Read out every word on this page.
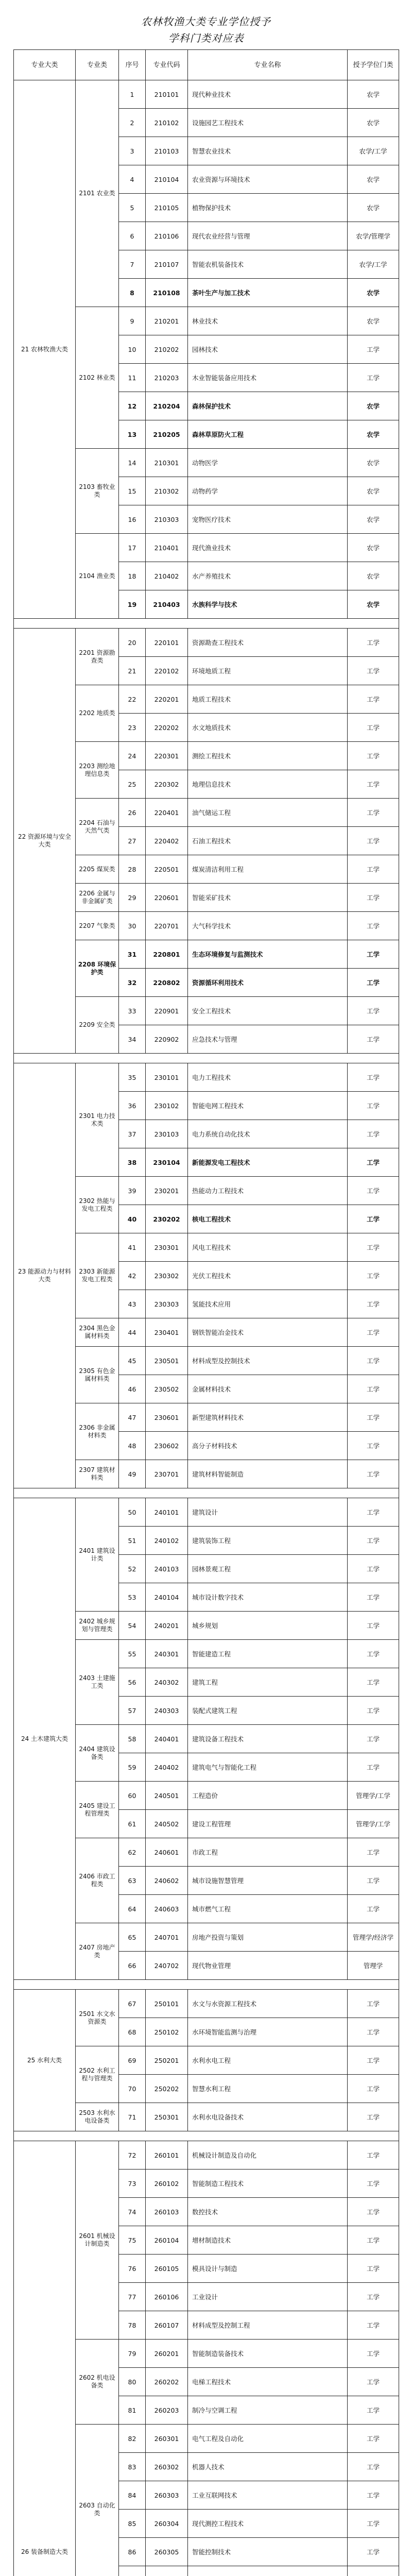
农林牧渔大类专业学位授予
学科门类对应表
专业大类	专业类	序号	专业代码	专业名称	授予学位门类
21 农林牧渔大类	2101 农业类	1	210101	现代种业技术	农学
		2	210102	设施园艺工程技术	农学
		3	210103	智慧农业技术	农学/工学
		4	210104	农业资源与环境技术	农学
		5	210105	植物保护技术	农学
		6	210106	现代农业经营与管理	农学/管理学
		7	210107	智能农机装备技术	农学/工学
		8	210108	茶叶生产与加工技术	农学
	2102 林业类	9	210201	林业技术	农学
		10	210202	园林技术	工学
		11	210203	木业智能装备应用技术	工学
		12	210204	森林保护技术	农学
		13	210205	森林草原防火工程	农学
	2103 畜牧业类	14	210301	动物医学	农学
		15	210302	动物药学	农学
		16	210303	宠物医疗技术	农学
	2104 渔业类	17	210401	现代渔业技术	农学
		18	210402	水产养殖技术	农学
		19	210403	水族科学与技术	农学

22 资源环境与安全大类	2201 资源勘查类	20	220101	资源勘查工程技术	工学
		21	220102	环境地质工程	工学
	2202 地质类	22	220201	地质工程技术	工学
		23	220202	水文地质技术	工学
	2203 测绘地理信息类	24	220301	测绘工程技术	工学
		25	220302	地理信息技术	工学
	2204 石油与天然气类	26	220401	油气储运工程	工学
		27	220402	石油工程技术	工学
	2205 煤炭类	28	220501	煤炭清洁利用工程	工学
	2206 金属与非金属矿类	29	220601	智能采矿技术	工学
	2207 气象类	30	220701	大气科学技术	工学
	2208 环境保护类	31	220801	生态环境修复与监测技术	工学
		32	220802	资源循环利用技术	工学
	2209 安全类	33	220901	安全工程技术	工学
		34	220902	应急技术与管理	工学

23 能源动力与材料大类	2301 电力技术类	35	230101	电力工程技术	工学
		36	230102	智能电网工程技术	工学
		37	230103	电力系统自动化技术	工学
		38	230104	新能源发电工程技术	工学
	2302 热能与发电工程类	39	230201	热能动力工程技术	工学
		40	230202	核电工程技术	工学
	2303 新能源发电工程类	41	230301	风电工程技术	工学
		42	230302	光伏工程技术	工学
		43	230303	氢能技术应用	工学
	2304 黑色金属材料类	44	230401	钢铁智能冶金技术	工学
	2305 有色金属材料类	45	230501	材料成型及控制技术	工学
		46	230502	金属材料技术	工学
	2306 非金属材料类	47	230601	新型建筑材料技术	工学
		48	230602	高分子材料技术	工学
	2307 建筑材料类	49	230701	建筑材料智能制造	工学

24 土木建筑大类	2401 建筑设计类	50	240101	建筑设计	工学
		51	240102	建筑装饰工程	工学
		52	240103	园林景观工程	工学
		53	240104	城市设计数字技术	工学
	2402 城乡规划与管理类	54	240201	城乡规划	工学
	2403 土建施工类	55	240301	智能建造工程	工学
		56	240302	建筑工程	工学
		57	240303	装配式建筑工程	工学
	2404 建筑设备类	58	240401	建筑设备工程技术	工学
		59	240402	建筑电气与智能化工程	工学
	2405 建设工程管理类	60	240501	工程造价	管理学/工学
		61	240502	建设工程管理	管理学/工学
	2406 市政工程类	62	240601	市政工程	工学
		63	240602	城市设施智慧管理	工学
		64	240603	城市燃气工程	工学
	2407 房地产类	65	240701	房地产投资与策划	管理学/经济学
		66	240702	现代物业管理	管理学

25 水利大类	2501 水文水资源类	67	250101	水文与水资源工程技术	工学
		68	250102	水环境智能监测与治理	工学
	2502 水利工程与管理类	69	250201	水利水电工程	工学
		70	250202	智慧水利工程	工学
	2503 水利水电设备类	71	250301	水利水电设备技术	工学

26 装备制造大类	2601 机械设计制造类	72	260101	机械设计制造及自动化	工学
		73	260102	智能制造工程技术	工学
		74	260103	数控技术	工学
		75	260104	增材制造技术	工学
		76	260105	模具设计与制造	工学
		77	260106	工业设计	工学
		78	260107	材料成型及控制工程	工学
	2602 机电设备类	79	260201	智能制造装备技术	工学
		80	260202	电梯工程技术	工学
		81	260203	制冷与空调工程	工学
	2603 自动化类	82	260301	电气工程及自动化	工学
		83	260302	机器人技术	工学
		84	260303	工业互联网技术	工学
		85	260304	现代测控工程技术	工学
		86	260305	智能控制技术	工学
